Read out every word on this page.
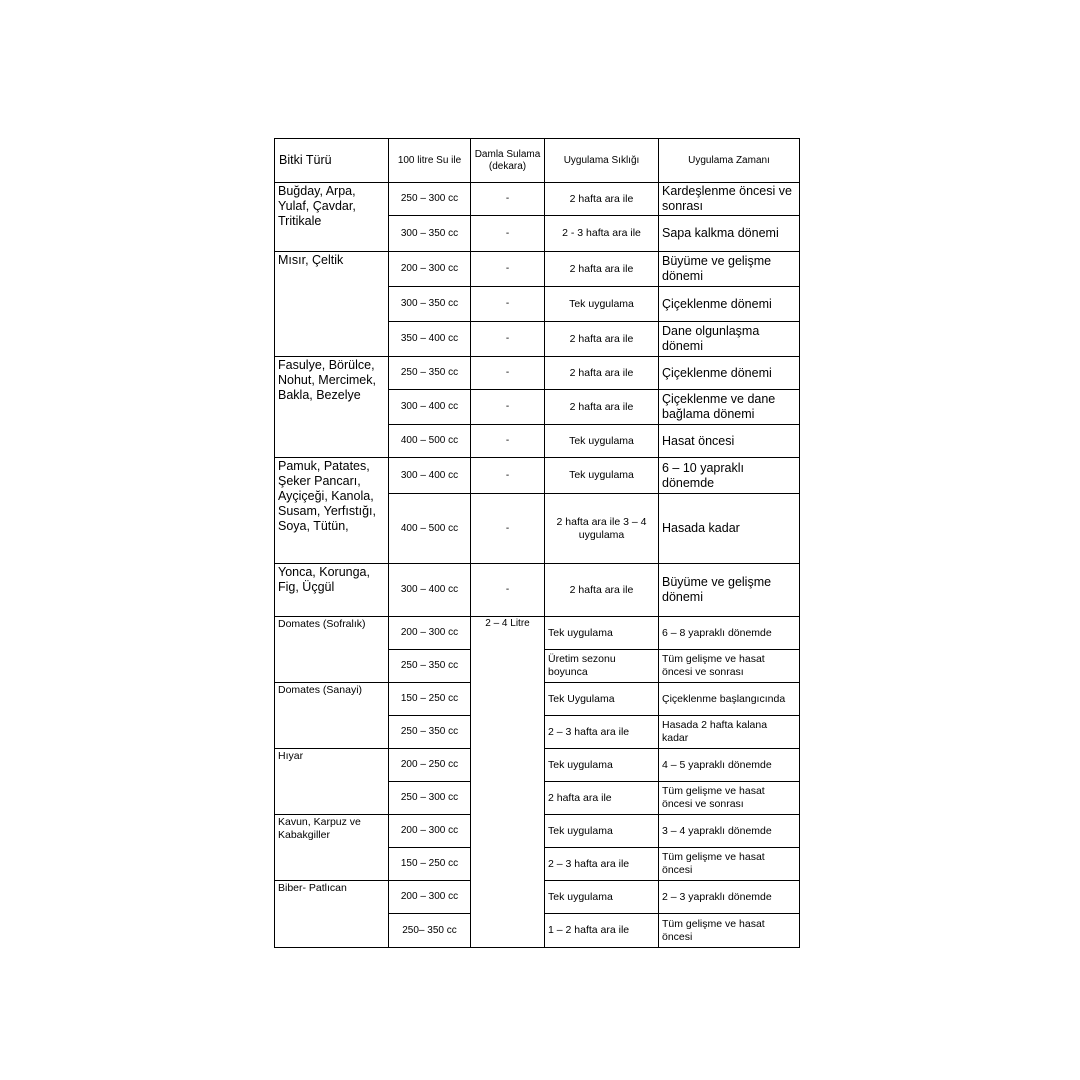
Bitki Türü	100 litre Su ile	Damla Sulama (dekara)	Uygulama Sıklığı	Uygulama Zamanı
Buğday, Arpa, Yulaf, Çavdar, Tritikale	250 – 300 cc	-	2 hafta ara ile	Kardeşlenme öncesi ve sonrası
	300 – 350 cc	-	2 - 3 hafta ara ile	Sapa kalkma dönemi
Mısır, Çeltik	200 – 300 cc	-	2 hafta ara ile	Büyüme ve gelişme dönemi
	300 – 350 cc	-	Tek uygulama	Çiçeklenme dönemi
	350 – 400 cc	-	2 hafta ara ile	Dane olgunlaşma dönemi
Fasulye, Börülce, Nohut, Mercimek, Bakla, Bezelye	250 – 350 cc	-	2 hafta ara ile	Çiçeklenme dönemi
	300 – 400 cc	-	2 hafta ara ile	Çiçeklenme ve dane bağlama dönemi
	400 – 500 cc	-	Tek uygulama	Hasat öncesi
Pamuk, Patates, Şeker Pancarı, Ayçiçeği, Kanola, Susam, Yerfıstığı, Soya, Tütün,	300 – 400 cc	-	Tek uygulama	6 – 10 yapraklı dönemde
	400 – 500 cc	-	2 hafta ara ile 3 – 4 uygulama	Hasada kadar
Yonca, Korunga, Fig, Üçgül	300 – 400 cc	-	2 hafta ara ile	Büyüme ve gelişme dönemi
Domates (Sofralık)	200 – 300 cc	2 – 4 Litre	Tek uygulama	6 – 8 yapraklı dönemde
	250 – 350 cc		Üretim sezonu boyunca	Tüm gelişme ve hasat öncesi ve sonrası
Domates (Sanayi)	150 – 250 cc		Tek Uygulama	Çiçeklenme başlangıcında
	250 – 350 cc		2 – 3 hafta ara ile	Hasada 2 hafta kalana kadar
Hıyar	200 – 250 cc		Tek uygulama	4 – 5 yapraklı dönemde
	250 – 300 cc		2 hafta ara ile	Tüm gelişme ve hasat öncesi ve sonrası
Kavun, Karpuz ve Kabakgiller	200 – 300 cc		Tek uygulama	3 – 4 yapraklı dönemde
	150 – 250 cc		2 – 3 hafta ara ile	Tüm gelişme ve hasat öncesi
Biber- Patlıcan	200 – 300 cc		Tek uygulama	2 – 3 yapraklı dönemde
	250– 350 cc		1 – 2 hafta ara ile	Tüm gelişme ve hasat öncesi
